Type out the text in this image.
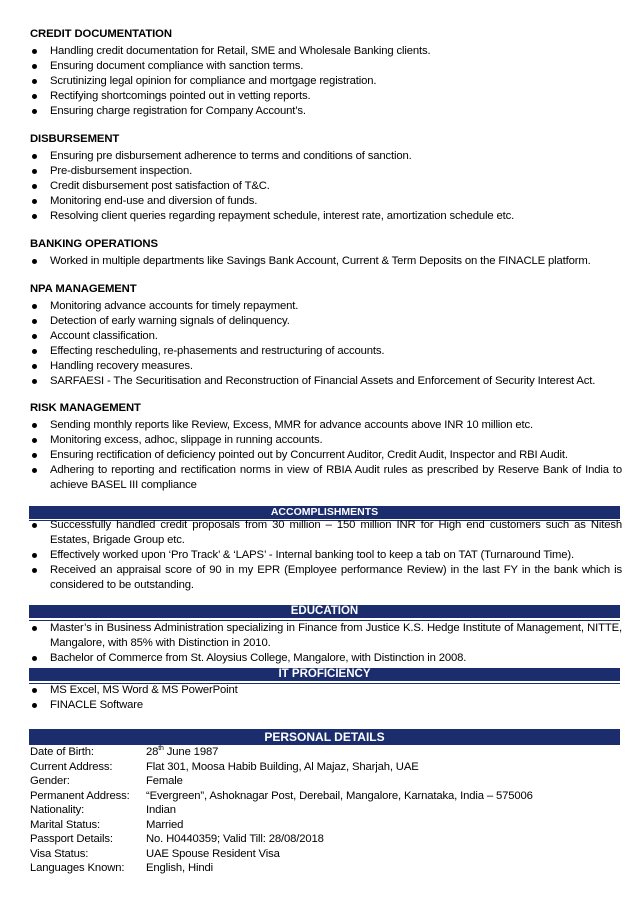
CREDIT DOCUMENTATION
Handling credit documentation for Retail, SME and Wholesale Banking clients.
Ensuring document compliance with sanction terms.
Scrutinizing legal opinion for compliance and mortgage registration.
Rectifying shortcomings pointed out in vetting reports.
Ensuring charge registration for Company Account’s.
DISBURSEMENT
Ensuring pre disbursement adherence to terms and conditions of sanction.
Pre-disbursement inspection.
Credit disbursement post satisfaction of T&C.
Monitoring end-use and diversion of funds.
Resolving client queries regarding repayment schedule, interest rate, amortization schedule etc.
BANKING OPERATIONS
Worked in multiple departments like Savings Bank Account, Current & Term Deposits on the FINACLE platform.
NPA MANAGEMENT
Monitoring advance accounts for timely repayment.
Detection of early warning signals of delinquency.
Account classification.
Effecting rescheduling, re-phasements and restructuring of accounts.
Handling recovery measures.
SARFAESI - The Securitisation and Reconstruction of Financial Assets and Enforcement of Security Interest Act.
RISK MANAGEMENT
Sending monthly reports like Review, Excess, MMR for advance accounts above INR 10 million etc.
Monitoring excess, adhoc, slippage in running accounts.
Ensuring rectification of deficiency pointed out by Concurrent Auditor, Credit Audit, Inspector and RBI Audit.
Adhering to reporting and rectification norms in view of RBIA Audit rules as prescribed by Reserve Bank of India to achieve BASEL III compliance
ACCOMPLISHMENTS
Successfully handled credit proposals from 30 million – 150 million INR for High end customers such as Nitesh Estates, Brigade Group etc.
Effectively worked upon ‘Pro Track’ & ‘LAPS’ - Internal banking tool to keep a tab on TAT (Turnaround Time).
Received an appraisal score of 90 in my EPR (Employee performance Review) in the last FY in the bank which is considered to be outstanding.
EDUCATION
Master’s in Business Administration specializing in Finance from Justice K.S. Hedge Institute of Management, NITTE, Mangalore, with 85% with Distinction in 2010.
Bachelor of Commerce from St. Aloysius College, Mangalore, with Distinction in 2008.
IT PROFICIENCY
MS Excel, MS Word & MS PowerPoint
FINACLE Software
PERSONAL DETAILS
Date of Birth:	28th June 1987
Current Address:	Flat 301, Moosa Habib Building, Al Majaz, Sharjah, UAE
Gender:	Female
Permanent Address: “Evergreen”, Ashoknagar Post, Derebail, Mangalore, Karnataka, India – 575006
Nationality:	Indian
Marital Status:	Married
Passport Details:	No. H0440359; Valid Till: 28/08/2018
Visa Status:	UAE Spouse Resident Visa
Languages Known: English, Hindi
